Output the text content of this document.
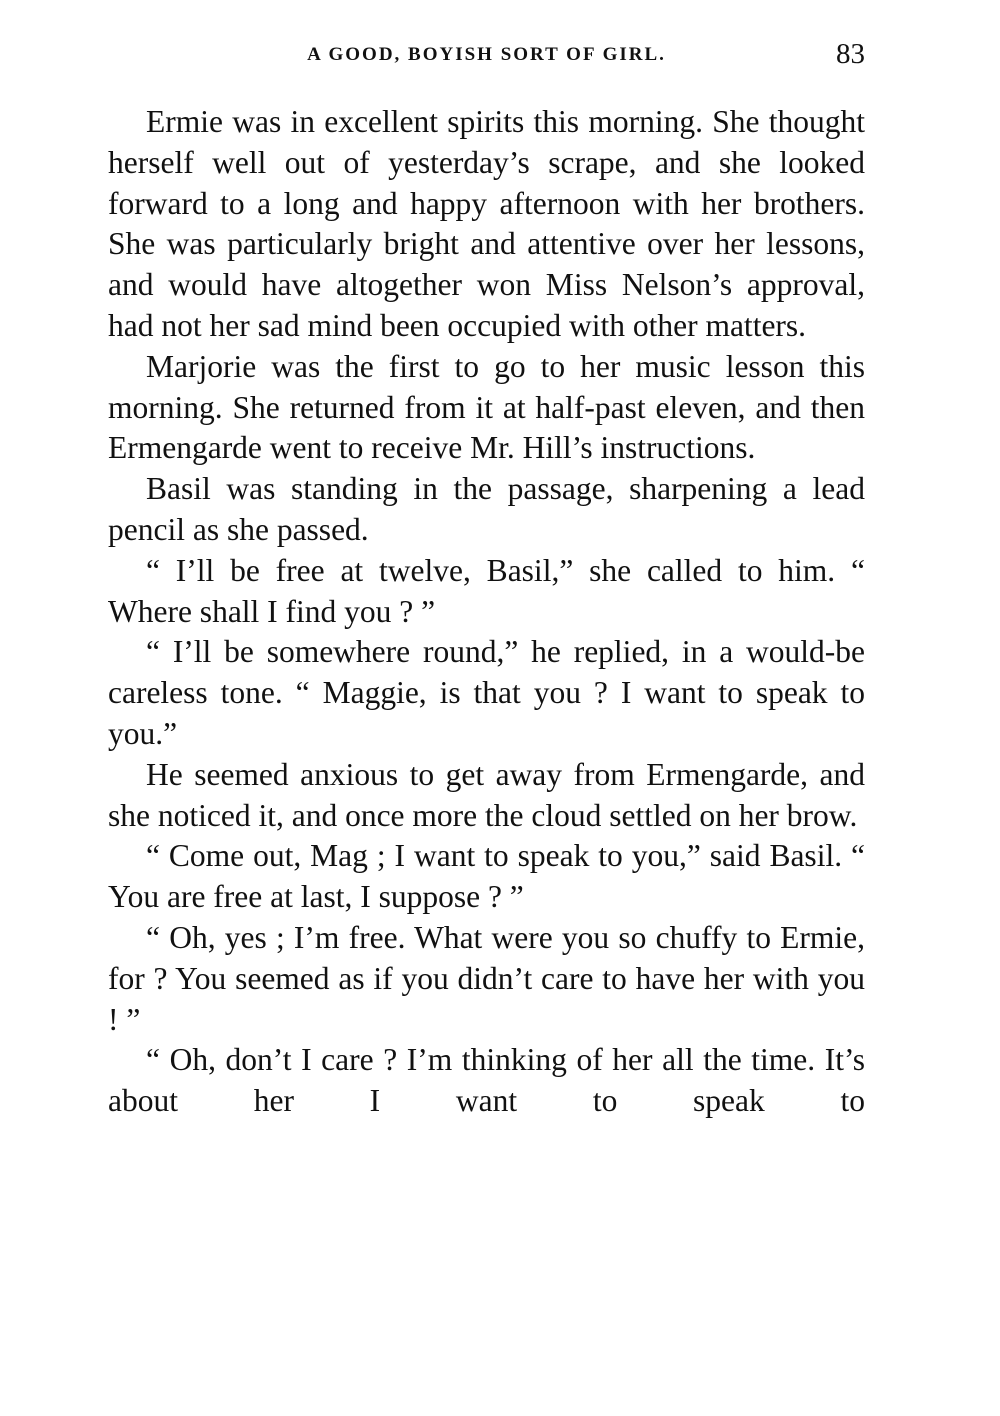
A GOOD, BOYISH SORT OF GIRL.	83

Ermie was in excellent spirits this morning. She thought herself well out of yesterday’s scrape, and she looked forward to a long and happy afternoon with her brothers. She was particularly bright and attentive over her lessons, and would have altogether won Miss Nelson’s approval, had not her sad mind been occupied with other matters.

Marjorie was the first to go to her music lesson this morning. She returned from it at half-past eleven, and then Ermengarde went to receive Mr. Hill’s instructions.

Basil was standing in the passage, sharpening a lead pencil as she passed.

“ I’ll be free at twelve, Basil,” she called to him. “ Where shall I find you ? ”

“ I’ll be somewhere round,” he replied, in a would-be careless tone. “ Maggie, is that you ? I want to speak to you.”

He seemed anxious to get away from Ermengarde, and she noticed it, and once more the cloud settled on her brow.

“ Come out, Mag ; I want to speak to you,” said Basil. “ You are free at last, I suppose ? ”

“ Oh, yes ; I’m free. What were you so chuffy to Ermie, for ? You seemed as if you didn’t care to have her with you ! ”

“ Oh, don’t I care ? I’m thinking of her all the time. It’s about her I want to speak to
